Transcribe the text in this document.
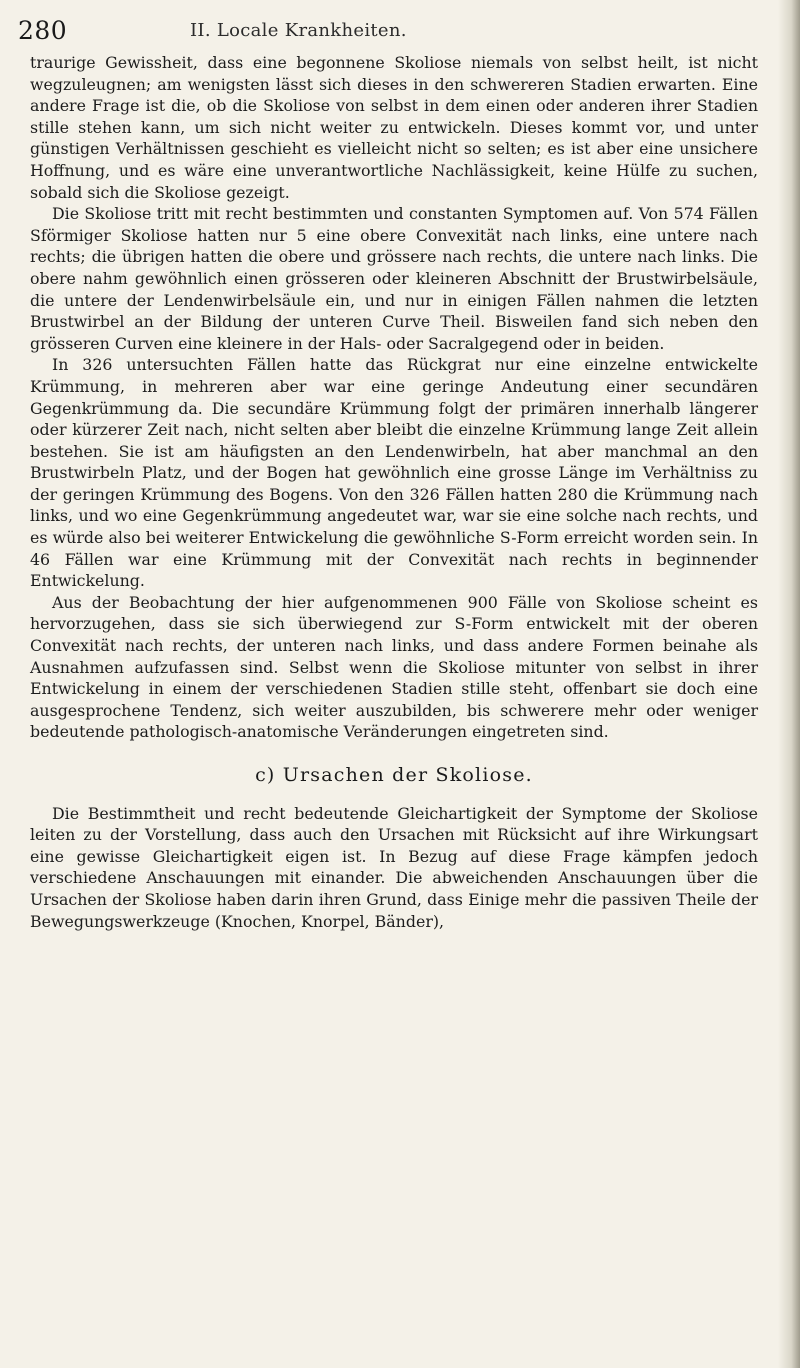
280	II. Locale Krankheiten.

traurige Gewissheit, dass eine begonnene Skoliose niemals von selbst heilt, ist nicht wegzuleugnen; am wenigsten lässt sich dieses in den schwereren Stadien erwarten. Eine andere Frage ist die, ob die Skoliose von selbst in dem einen oder anderen ihrer Stadien stille stehen kann, um sich nicht weiter zu entwickeln. Dieses kommt vor, und unter günstigen Verhältnissen geschieht es vielleicht nicht so selten; es ist aber eine unsichere Hoffnung, und es wäre eine unverantwortliche Nachlässigkeit, keine Hülfe zu suchen, sobald sich die Skoliose gezeigt.

Die Skoliose tritt mit recht bestimmten und constanten Symptomen auf. Von 574 Fällen Sförmiger Skoliose hatten nur 5 eine obere Convexität nach links, eine untere nach rechts; die übrigen hatten die obere und grössere nach rechts, die untere nach links. Die obere nahm gewöhnlich einen grösseren oder kleineren Abschnitt der Brustwirbelsäule, die untere der Lendenwirbelsäule ein, und nur in einigen Fällen nahmen die letzten Brustwirbel an der Bildung der unteren Curve Theil. Bisweilen fand sich neben den grösseren Curven eine kleinere in der Hals- oder Sacralgegend oder in beiden.

In 326 untersuchten Fällen hatte das Rückgrat nur eine einzelne entwickelte Krümmung, in mehreren aber war eine geringe Andeutung einer secundären Gegenkrümmung da. Die secundäre Krümmung folgt der primären innerhalb längerer oder kürzerer Zeit nach, nicht selten aber bleibt die einzelne Krümmung lange Zeit allein bestehen. Sie ist am häufigsten an den Lendenwirbeln, hat aber manchmal an den Brustwirbeln Platz, und der Bogen hat gewöhnlich eine grosse Länge im Verhältniss zu der geringen Krümmung des Bogens. Von den 326 Fällen hatten 280 die Krümmung nach links, und wo eine Gegenkrümmung angedeutet war, war sie eine solche nach rechts, und es würde also bei weiterer Entwickelung die gewöhnliche S-Form erreicht worden sein. In 46 Fällen war eine Krümmung mit der Convexität nach rechts in beginnender Entwickelung.

Aus der Beobachtung der hier aufgenommenen 900 Fälle von Skoliose scheint es hervorzugehen, dass sie sich überwiegend zur S-Form entwickelt mit der oberen Convexität nach rechts, der unteren nach links, und dass andere Formen beinahe als Ausnahmen aufzufassen sind. Selbst wenn die Skoliose mitunter von selbst in ihrer Entwickelung in einem der verschiedenen Stadien stille steht, offenbart sie doch eine ausgesprochene Tendenz, sich weiter auszubilden, bis schwerere mehr oder weniger bedeutende pathologisch-anatomische Veränderungen eingetreten sind.

c) Ursachen der Skoliose.

Die Bestimmtheit und recht bedeutende Gleichartigkeit der Symptome der Skoliose leiten zu der Vorstellung, dass auch den Ursachen mit Rücksicht auf ihre Wirkungsart eine gewisse Gleichartigkeit eigen ist. In Bezug auf diese Frage kämpfen jedoch verschiedene Anschauungen mit einander. Die abweichenden Anschauungen über die Ursachen der Skoliose haben darin ihren Grund, dass Einige mehr die passiven Theile der Bewegungswerkzeuge (Knochen, Knorpel, Bänder),
